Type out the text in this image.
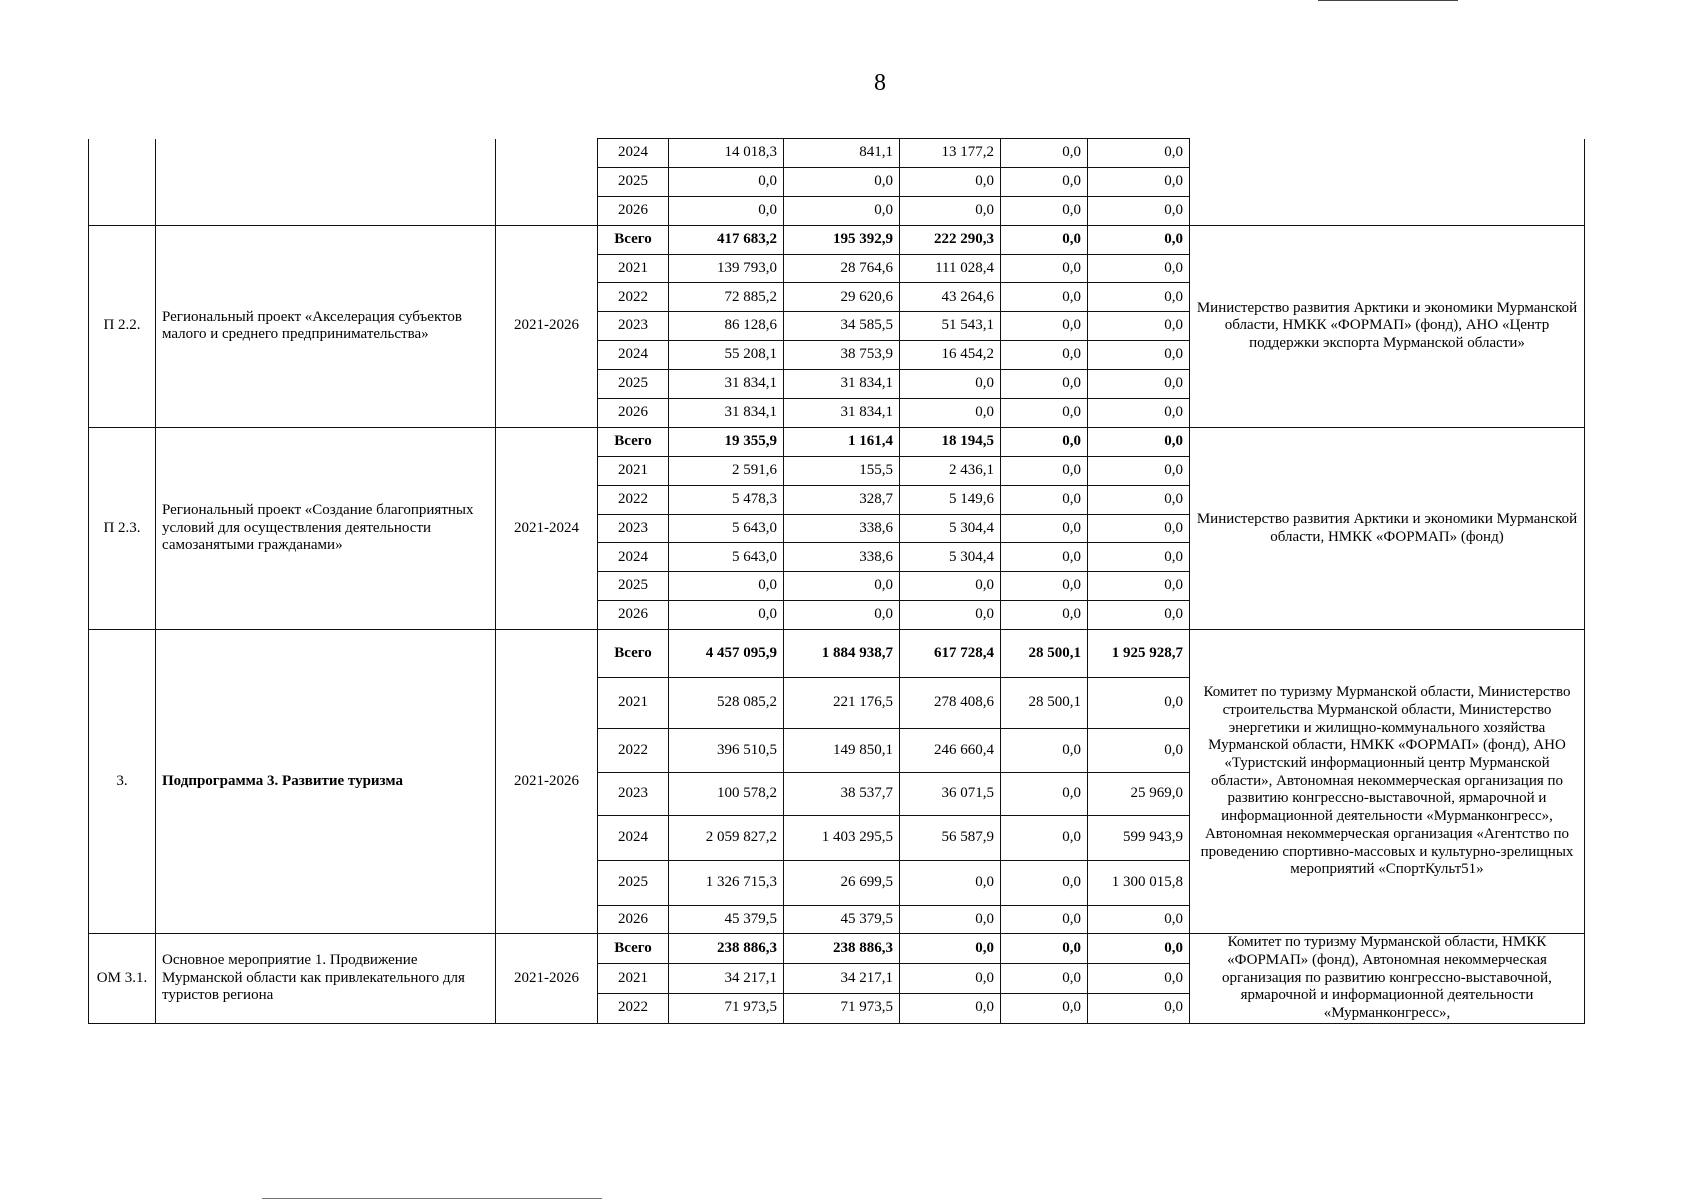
8
			2024	14 018,3	841,1	13 177,2	0,0	0,0	
			2025	0,0	0,0	0,0	0,0	0,0	
			2026	0,0	0,0	0,0	0,0	0,0	
П 2.2.	Региональный проект «Акселерация субъектов малого и среднего предпринимательства»	2021-2026	Всего	417 683,2	195 392,9	222 290,3	0,0	0,0	Министерство развития Арктики и экономики Мурманской области, НМКК «ФОРМАП» (фонд), АНО «Центр поддержки экспорта Мурманской области»
			2021	139 793,0	28 764,6	111 028,4	0,0	0,0	
			2022	72 885,2	29 620,6	43 264,6	0,0	0,0	
			2023	86 128,6	34 585,5	51 543,1	0,0	0,0	
			2024	55 208,1	38 753,9	16 454,2	0,0	0,0	
			2025	31 834,1	31 834,1	0,0	0,0	0,0	
			2026	31 834,1	31 834,1	0,0	0,0	0,0	
П 2.3.	Региональный проект «Создание благоприятных условий для осуществления деятельности самозанятыми гражданами»	2021-2024	Всего	19 355,9	1 161,4	18 194,5	0,0	0,0	Министерство развития Арктики и экономики Мурманской области, НМКК «ФОРМАП» (фонд)
			2021	2 591,6	155,5	2 436,1	0,0	0,0	
			2022	5 478,3	328,7	5 149,6	0,0	0,0	
			2023	5 643,0	338,6	5 304,4	0,0	0,0	
			2024	5 643,0	338,6	5 304,4	0,0	0,0	
			2025	0,0	0,0	0,0	0,0	0,0	
			2026	0,0	0,0	0,0	0,0	0,0	
3.	Подпрограмма 3. Развитие туризма	2021-2026	Всего	4 457 095,9	1 884 938,7	617 728,4	28 500,1	1 925 928,7	Комитет по туризму Мурманской области, Министерство строительства Мурманской области, Министерство энергетики и жилищно-коммунального хозяйства Мурманской области, НМКК «ФОРМАП» (фонд), АНО «Туристский информационный центр Мурманской области», Автономная некоммерческая организация по развитию конгрессно-выставочной, ярмарочной и информационной деятельности «Мурманконгресс», Автономная некоммерческая организация «Агентство по проведению спортивно-массовых и культурно-зрелищных мероприятий «СпортКульт51»
			2021	528 085,2	221 176,5	278 408,6	28 500,1	0,0	
			2022	396 510,5	149 850,1	246 660,4	0,0	0,0	
			2023	100 578,2	38 537,7	36 071,5	0,0	25 969,0	
			2024	2 059 827,2	1 403 295,5	56 587,9	0,0	599 943,9	
			2025	1 326 715,3	26 699,5	0,0	0,0	1 300 015,8	
			2026	45 379,5	45 379,5	0,0	0,0	0,0	
ОМ 3.1.	Основное мероприятие 1. Продвижение Мурманской области как привлекательного для туристов региона	2021-2026	Всего	238 886,3	238 886,3	0,0	0,0	0,0	Комитет по туризму Мурманской области, НМКК «ФОРМАП» (фонд), Автономная некоммерческая организация по развитию конгрессно-выставочной, ярмарочной и информационной деятельности «Мурманконгресс»,
			2021	34 217,1	34 217,1	0,0	0,0	0,0	
			2022	71 973,5	71 973,5	0,0	0,0	0,0	
